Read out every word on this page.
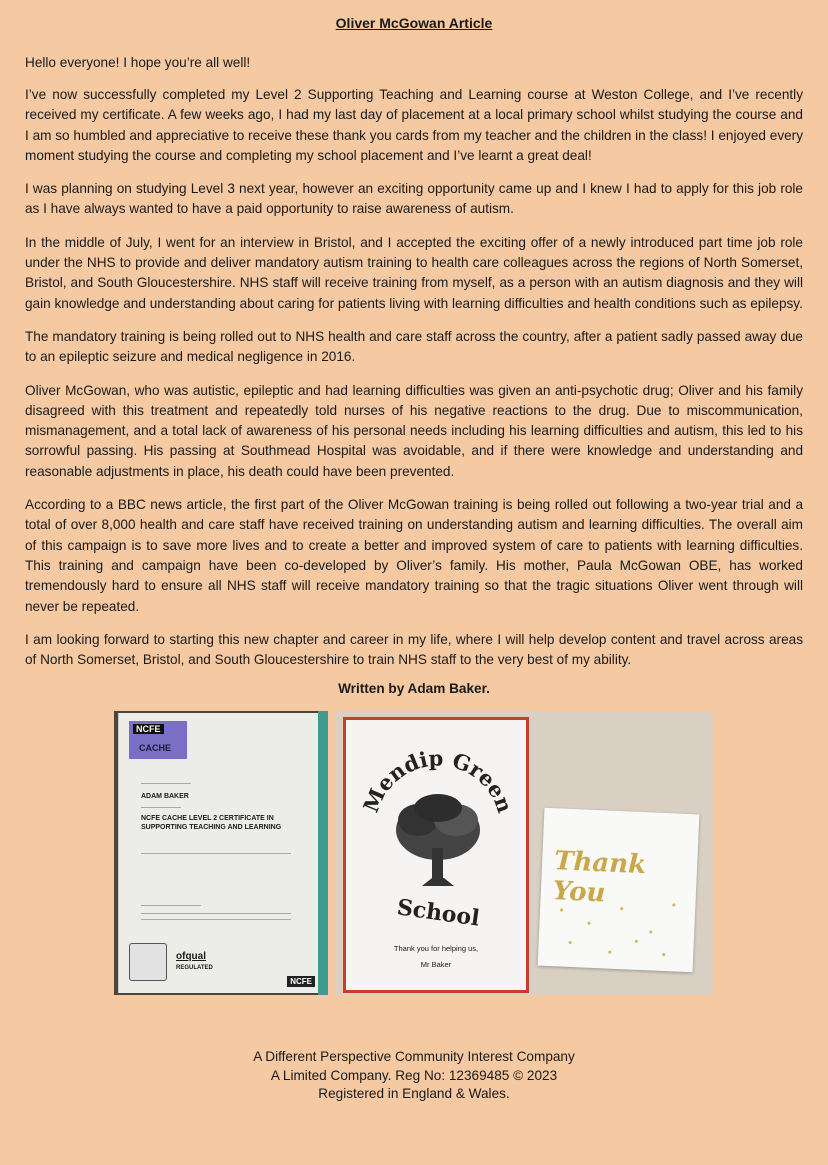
Oliver McGowan Article

Hello everyone! I hope you’re all well!

I’ve now successfully completed my Level 2 Supporting Teaching and Learning course at Weston College, and I’ve recently received my certificate. A few weeks ago, I had my last day of placement at a local primary school whilst studying the course and I am so humbled and appreciative to receive these thank you cards from my teacher and the children in the class! I enjoyed every moment studying the course and completing my school placement and I’ve learnt a great deal!

I was planning on studying Level 3 next year, however an exciting opportunity came up and I knew I had to apply for this job role as I have always wanted to have a paid opportunity to raise awareness of autism.

In the middle of July, I went for an interview in Bristol, and I accepted the exciting offer of a newly introduced part time job role under the NHS to provide and deliver mandatory autism training to health care colleagues across the regions of North Somerset, Bristol, and South Gloucestershire. NHS staff will receive training from myself, as a person with an autism diagnosis and they will gain knowledge and understanding about caring for patients living with learning difficulties and health conditions such as epilepsy.

The mandatory training is being rolled out to NHS health and care staff across the country, after a patient sadly passed away due to an epileptic seizure and medical negligence in 2016.

Oliver McGowan, who was autistic, epileptic and had learning difficulties was given an anti-psychotic drug; Oliver and his family disagreed with this treatment and repeatedly told nurses of his negative reactions to the drug. Due to miscommunication, mismanagement, and a total lack of awareness of his personal needs including his learning difficulties and autism, this led to his sorrowful passing. His passing at Southmead Hospital was avoidable, and if there were knowledge and understanding and reasonable adjustments in place, his death could have been prevented.

According to a BBC news article, the first part of the Oliver McGowan training is being rolled out following a two-year trial and a total of over 8,000 health and care staff have received training on understanding autism and learning difficulties. The overall aim of this campaign is to save more lives and to create a better and improved system of care to patients with learning difficulties. This training and campaign have been co-developed by Oliver’s family. His mother, Paula McGowan OBE, has worked tremendously hard to ensure all NHS staff will receive mandatory training so that the tragic situations Oliver went through will never be repeated.

I am looking forward to starting this new chapter and career in my life, where I will help develop content and travel across areas of North Somerset, Bristol, and South Gloucestershire to train NHS staff to the very best of my ability.

Written by Adam Baker.
NCFE
CACHE
ADAM BAKER
NCFE CACHE LEVEL 2 CERTIFICATE IN SUPPORTING TEACHING AND LEARNING
ofqual
REGULATED
NCFE
Mendip Green
School
Thank you for helping us,
Mr Baker
Thank You
A Different Perspective Community Interest Company
A Limited Company. Reg No: 12369485 © 2023
Registered in England & Wales.
